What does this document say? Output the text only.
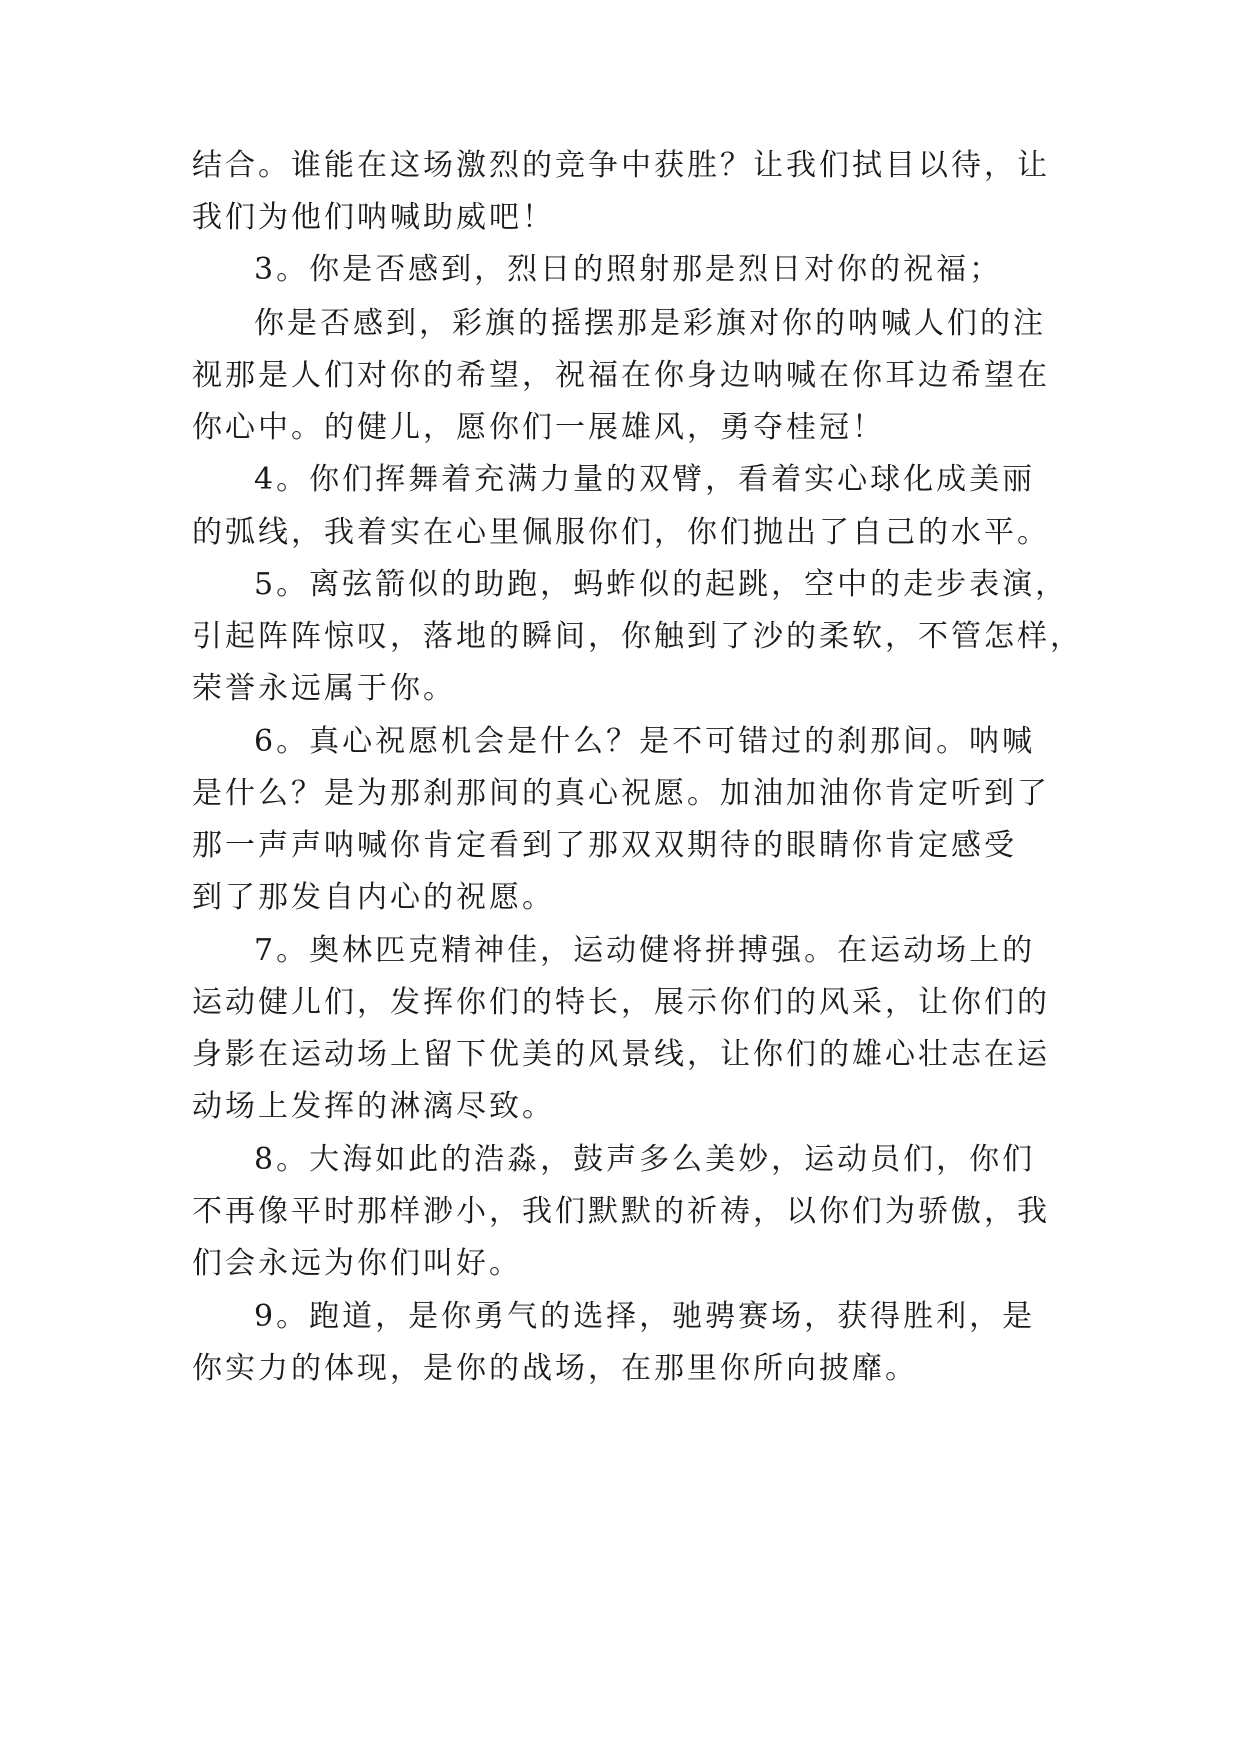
结合。谁能在这场激烈的竞争中获胜？让我们拭目以待，让
我们为他们呐喊助威吧！
3。你是否感到，烈日的照射那是烈日对你的祝福；
你是否感到，彩旗的摇摆那是彩旗对你的呐喊人们的注
视那是人们对你的希望，祝福在你身边呐喊在你耳边希望在
你心中。的健儿，愿你们一展雄风，勇夺桂冠！
4。你们挥舞着充满力量的双臂，看着实心球化成美丽
的弧线，我着实在心里佩服你们，你们抛出了自己的水平。
5。离弦箭似的助跑，蚂蚱似的起跳，空中的走步表演，
引起阵阵惊叹，落地的瞬间，你触到了沙的柔软，不管怎样，
荣誉永远属于你。
6。真心祝愿机会是什么？是不可错过的刹那间。呐喊
是什么？是为那刹那间的真心祝愿。加油加油你肯定听到了
那一声声呐喊你肯定看到了那双双期待的眼睛你肯定感受
到了那发自内心的祝愿。
7。奥林匹克精神佳，运动健将拼搏强。在运动场上的
运动健儿们，发挥你们的特长，展示你们的风采，让你们的
身影在运动场上留下优美的风景线，让你们的雄心壮志在运
动场上发挥的淋漓尽致。
8。大海如此的浩淼，鼓声多么美妙，运动员们，你们
不再像平时那样渺小，我们默默的祈祷，以你们为骄傲，我
们会永远为你们叫好。
9。跑道，是你勇气的选择，驰骋赛场，获得胜利，是
你实力的体现，是你的战场，在那里你所向披靡。
